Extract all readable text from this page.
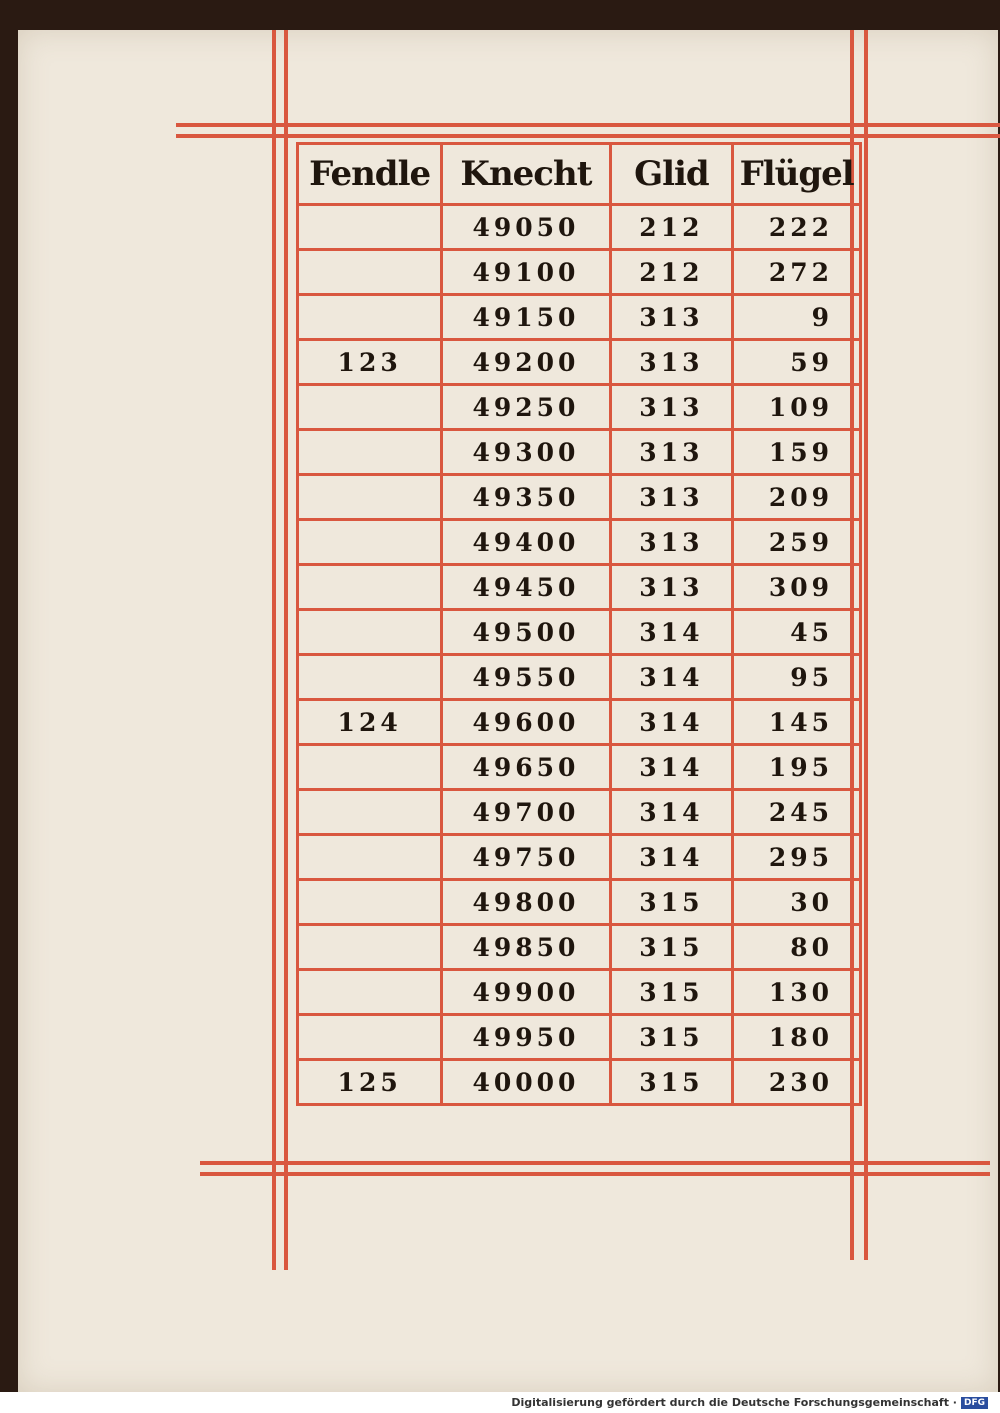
Fendle	Knecht	Glid	Flügel
	49050	212	222
	49100	212	272
	49150	313	9
123	49200	313	59
	49250	313	109
	49300	313	159
	49350	313	209
	49400	313	259
	49450	313	309
	49500	314	45
	49550	314	95
124	49600	314	145
	49650	314	195
	49700	314	245
	49750	314	295
	49800	315	30
	49850	315	80
	49900	315	130
	49950	315	180
125	40000	315	230
Digitalisierung gefördert durch die Deutsche Forschungsgemeinschaft · DFG
